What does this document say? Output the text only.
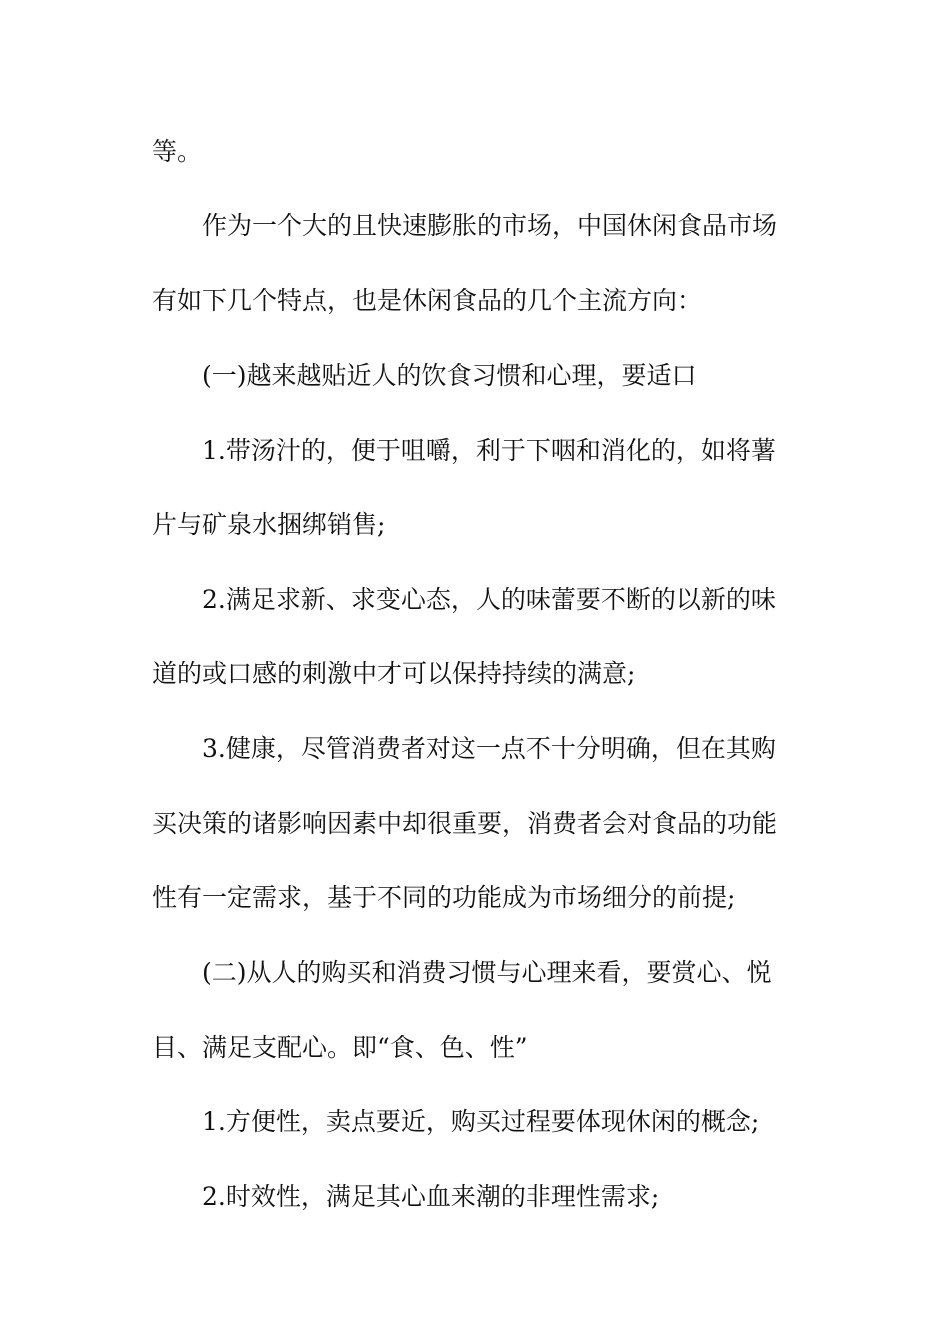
等。
作为一个大的且快速膨胀的市场，中国休闲食品市场
有如下几个特点，也是休闲食品的几个主流方向：
(一)越来越贴近人的饮食习惯和心理，要适口
1.带汤汁的，便于咀嚼，利于下咽和消化的，如将薯
片与矿泉水捆绑销售;
2.满足求新、求变心态，人的味蕾要不断的以新的味
道的或口感的刺激中才可以保持持续的满意;
3.健康，尽管消费者对这一点不十分明确，但在其购
买决策的诸影响因素中却很重要，消费者会对食品的功能
性有一定需求，基于不同的功能成为市场细分的前提;
(二)从人的购买和消费习惯与心理来看，要赏心、悦
目、满足支配心。即“食、色、性”
1.方便性，卖点要近，购买过程要体现休闲的概念;
2.时效性，满足其心血来潮的非理性需求;
